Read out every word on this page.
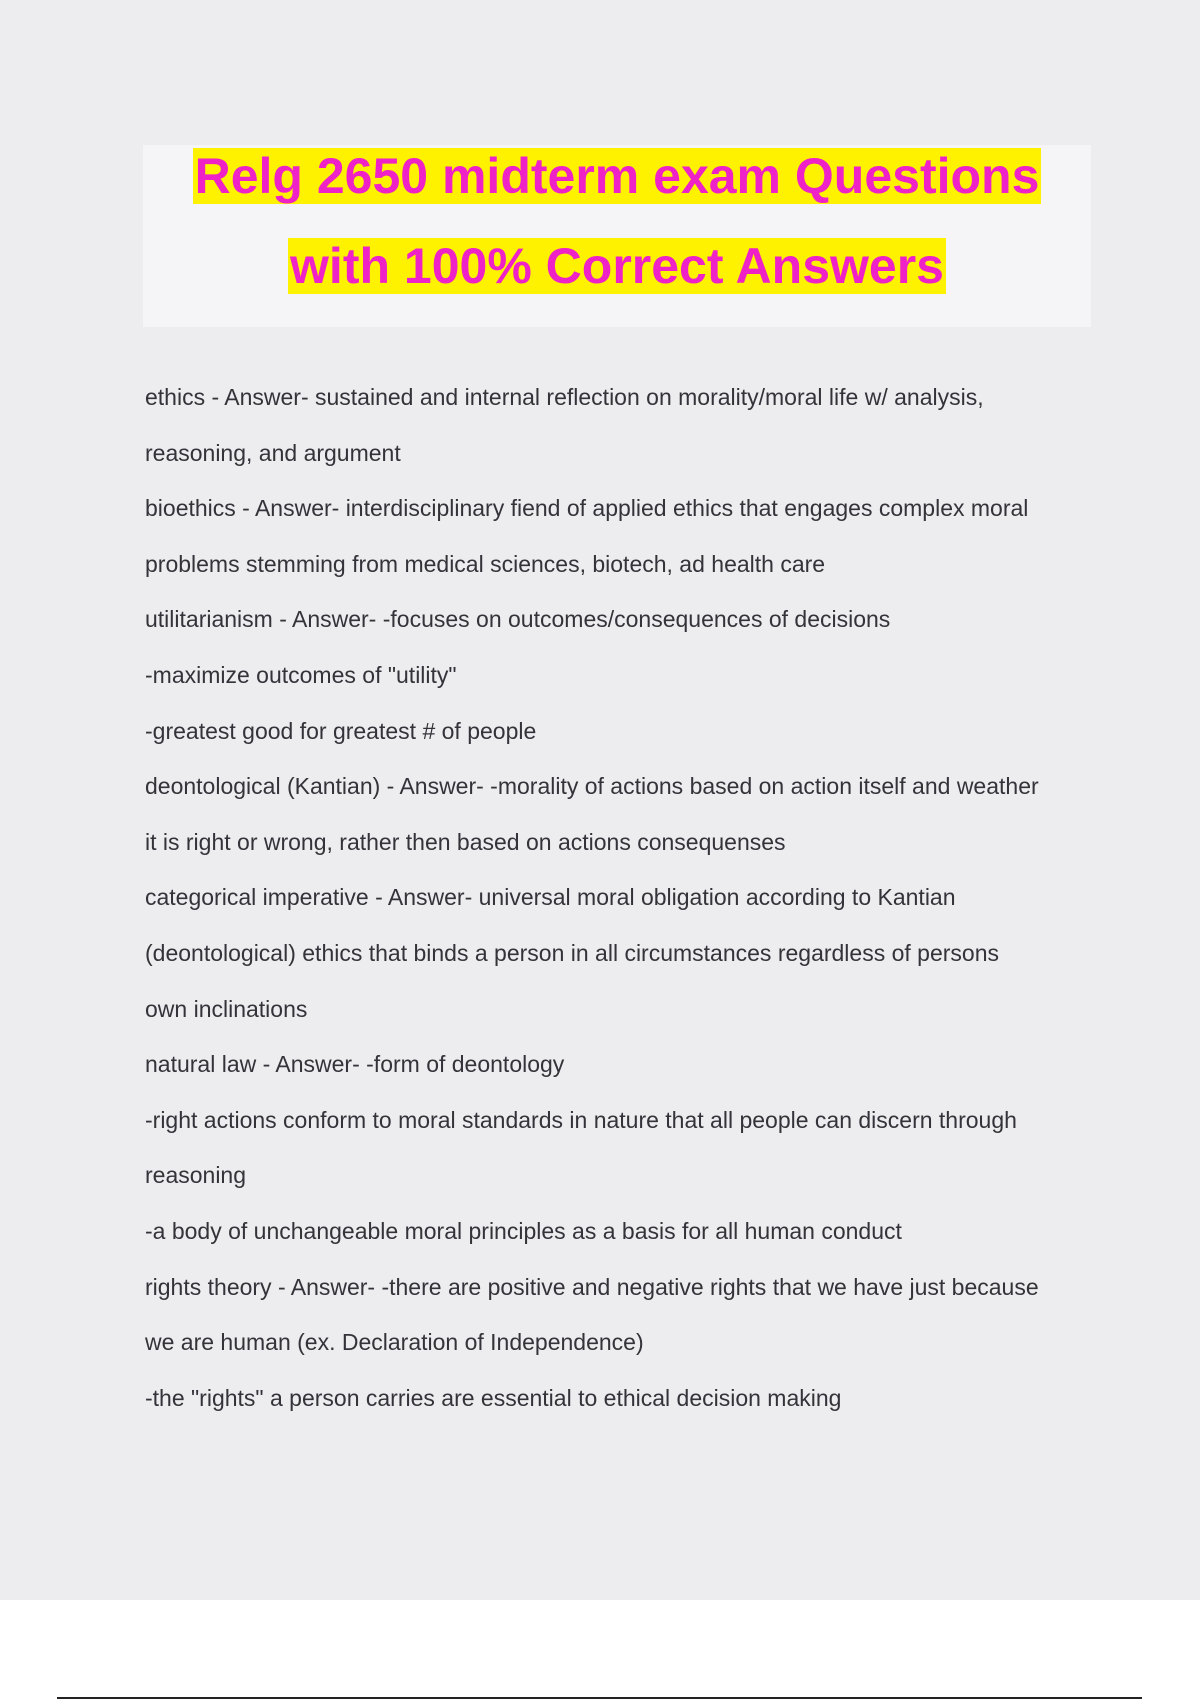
Relg 2650 midterm exam Questions
with 100% Correct Answers
ethics - Answer- sustained and internal reflection on morality/moral life w/ analysis,
reasoning, and argument
bioethics - Answer- interdisciplinary fiend of applied ethics that engages complex moral
problems stemming from medical sciences, biotech, ad health care
utilitarianism - Answer- -focuses on outcomes/consequences of decisions
-maximize outcomes of "utility"
-greatest good for greatest # of people
deontological (Kantian) - Answer- -morality of actions based on action itself and weather
it is right or wrong, rather then based on actions consequenses
categorical imperative - Answer- universal moral obligation according to Kantian
(deontological) ethics that binds a person in all circumstances regardless of persons
own inclinations
natural law - Answer- -form of deontology
-right actions conform to moral standards in nature that all people can discern through
reasoning
-a body of unchangeable moral principles as a basis for all human conduct
rights theory - Answer- -there are positive and negative rights that we have just because
we are human (ex. Declaration of Independence)
-the "rights" a person carries are essential to ethical decision making
